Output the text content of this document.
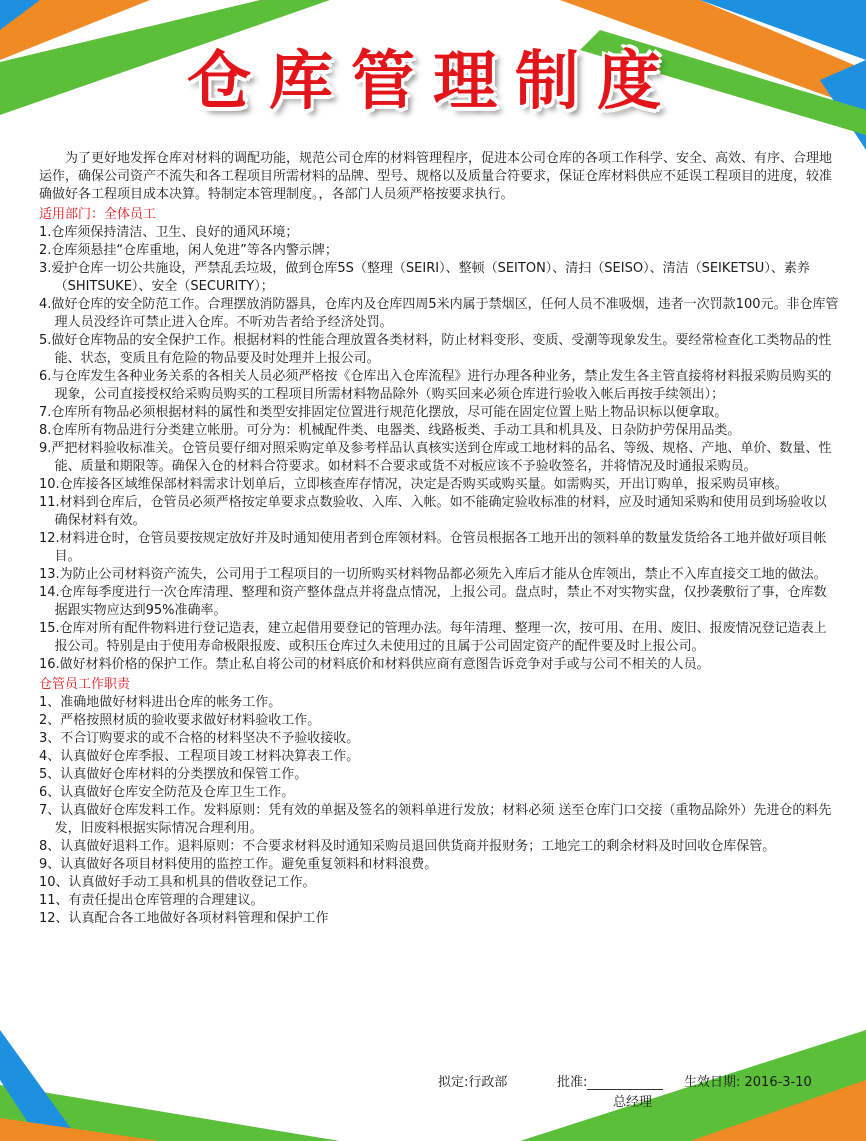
仓库管理制度

为了更好地发挥仓库对材料的调配功能，规范公司仓库的材料管理程序，促进本公司仓库的各项工作科学、安全、高效、有序、合理地运作，确保公司资产不流失和各工程项目所需材料的品牌、型号、规格以及质量合符要求，保证仓库材料供应不延误工程项目的进度，较准确做好各工程项目成本决算。特制定本管理制度。，各部门人员须严格按要求执行。

适用部门：全体员工

1.仓库须保持清洁、卫生、良好的通风环境；

2.仓库须悬挂“仓库重地，闲人免进”等各内警示牌；

3.爱护仓库一切公共施设，严禁乱丢垃圾，做到仓库5S（整理（SEIRI）、整顿（SEITON）、清扫（SEISO）、清洁（SEIKETSU）、素养（SHITSUKE）、安全（SECURITY）；

4.做好仓库的安全防范工作。合理摆放消防器具，仓库内及仓库四周5米内属于禁烟区，任何人员不准吸烟，违者一次罚款100元。非仓库管理人员没经许可禁止进入仓库。不听劝告者给予经济处罚。

5.做好仓库物品的安全保护工作。根据材料的性能合理放置各类材料，防止材料变形、变质、受潮等现象发生。要经常检查化工类物品的性能、状态，变质且有危险的物品要及时处理并上报公司。

6.与仓库发生各种业务关系的各相关人员必须严格按《仓库出入仓库流程》进行办理各种业务，禁止发生各主管直接将材料报采购员购买的现象，公司直接授权给采购员购买的工程项目所需材料物品除外（购买回来必须仓库进行验收入帐后再按手续领出）；

7.仓库所有物品必须根据材料的属性和类型安排固定位置进行规范化摆放，尽可能在固定位置上贴上物品识标以便拿取。

8.仓库所有物品进行分类建立帐册。可分为：机械配件类、电器类、线路板类、手动工具和机具及、日杂防护劳保用品类。

9.严把材料验收标准关。仓管员要仔细对照采购定单及参考样品认真核实送到仓库或工地材料的品名、等级、规格、产地、单价、数量、性能、质量和期限等。确保入仓的材料合符要求。如材料不合要求或货不对板应该不予验收签名，并将情况及时通报采购员。

10.仓库接各区域维保部材料需求计划单后，立即核查库存情况，决定是否购买或购买量。如需购买，开出订购单，报采购员审核。

11.材料到仓库后，仓管员必须严格按定单要求点数验收、入库、入帐。如不能确定验收标准的材料，应及时通知采购和使用员到场验收以确保材料有效。

12.材料进仓时，仓管员要按规定放好并及时通知使用者到仓库领材料。仓管员根据各工地开出的领料单的数量发货给各工地并做好项目帐目。

13.为防止公司材料资产流失，公司用于工程项目的一切所购买材料物品都必须先入库后才能从仓库领出，禁止不入库直接交工地的做法。

14.仓库每季度进行一次仓库清理、整理和资产整体盘点并将盘点情况，上报公司。盘点时，禁止不对实物实盘，仅抄袭敷衍了事，仓库数据跟实物应达到95%准确率。

15.仓库对所有配件物料进行登记造表，建立起借用要登记的管理办法。每年清理、整理一次，按可用、在用、废旧、报废情况登记造表上报公司。特别是由于使用寿命极限报废、或积压仓库过久未使用过的且属于公司固定资产的配件要及时上报公司。

16.做好材料价格的保护工作。禁止私自将公司的材料底价和材料供应商有意图告诉竞争对手或与公司不相关的人员。

仓管员工作职责

1、准确地做好材料进出仓库的帐务工作。

2、严格按照材质的验收要求做好材料验收工作。

3、不合订购要求的或不合格的材料坚决不予验收接收。

4、认真做好仓库季报、工程项目竣工材料决算表工作。

5、认真做好仓库材料的分类摆放和保管工作。

6、认真做好仓库安全防范及仓库卫生工作。

7、认真做好仓库发料工作。发料原则：凭有效的单据及签名的领料单进行发放；材料必须 送至仓库门口交接（重物品除外）先进仓的料先发，旧废料根据实际情况合理利用。

8、认真做好退料工作。退料原则：不合要求材料及时通知采购员退回供货商并报财务；工地完工的剩余材料及时回收仓库保管。

9、认真做好各项目材料使用的监控工作。避免重复领料和材料浪费。

10、认真做好手动工具和机具的借收登记工作。

11、有责任提出仓库管理的合理建议。

12、认真配合各工地做好各项材料管理和保护工作

拟定:行政部	批准:	生效日期: 2016-3-10
总经理
